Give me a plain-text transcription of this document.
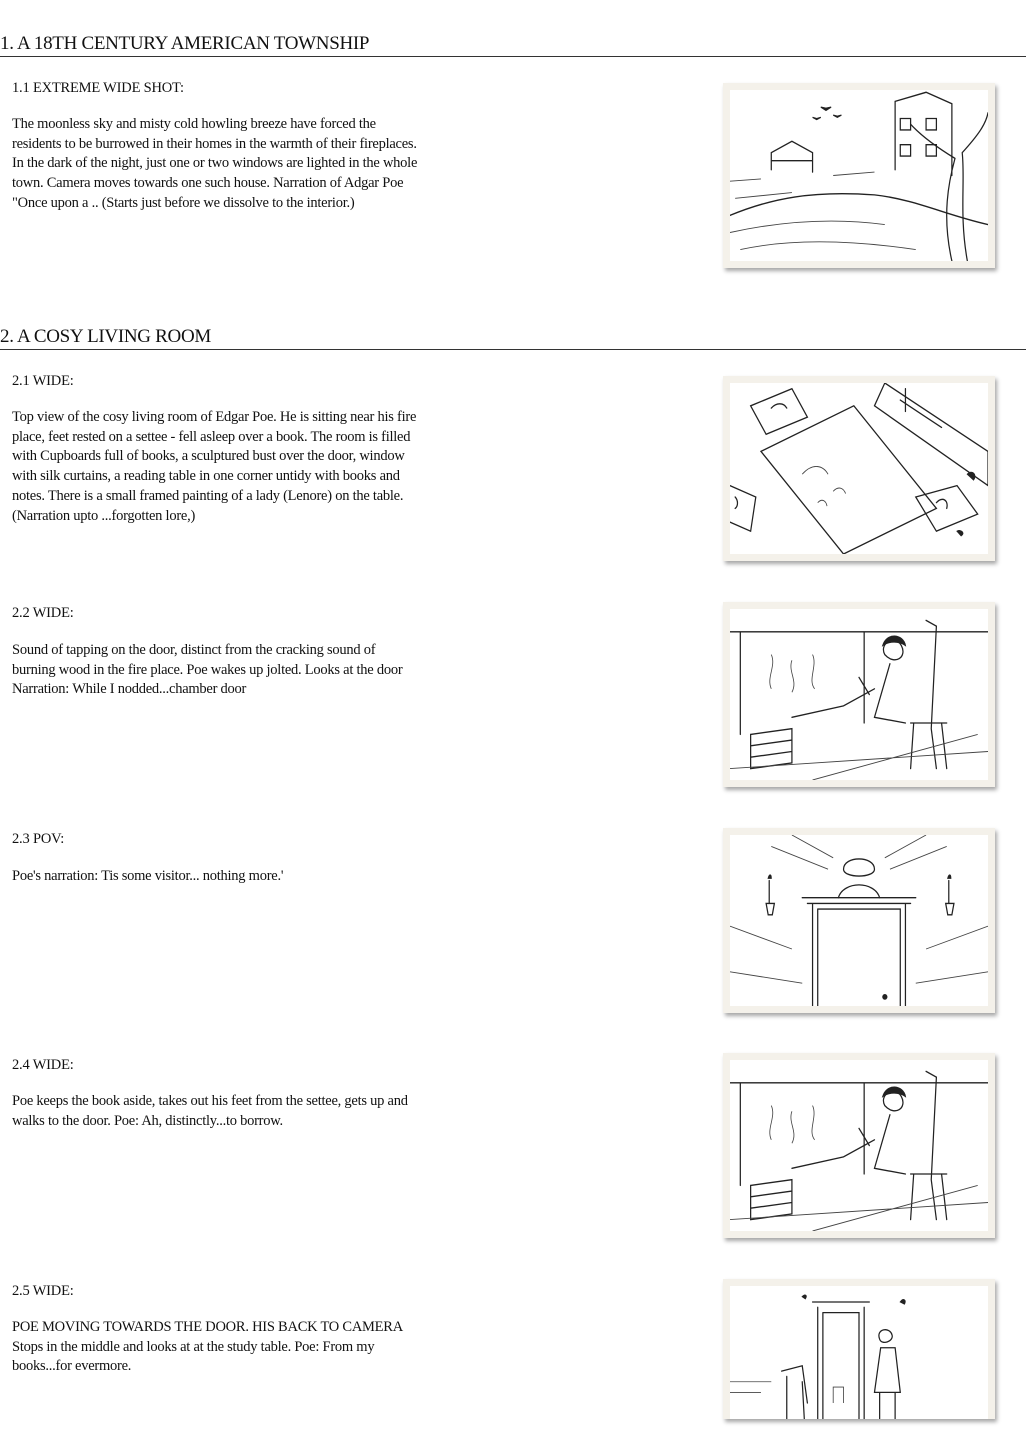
1. A 18TH CENTURY AMERICAN TOWNSHIP
1.1 EXTREME WIDE SHOT:
The moonless sky and misty cold howling breeze have forced the residents to be burrowed in their homes in the warmth of their fireplaces. In the dark of the night, just one or two windows are lighted in the whole town. Camera moves towards one such house. Narration of Adgar Poe "Once upon a .. (Starts just before we dissolve to the interior.)
2. A COSY LIVING ROOM
2.1 WIDE:
Top view of the cosy living room of Edgar Poe. He is sitting near his fire place, feet rested on a settee - fell asleep over a book. The room is filled with Cupboards full of books, a sculptured bust over the door, window with silk curtains, a reading table in one corner untidy with books and notes. There is a small framed painting of a lady (Lenore) on the table. (Narration upto ...forgotten lore,)
2.2 WIDE:
Sound of tapping on the door, distinct from the cracking sound of burning wood in the fire place. Poe wakes up jolted. Looks at the door Narration: While I nodded...chamber door
2.3 POV:
Poe's narration: Tis some visitor... nothing more.'
2.4 WIDE:
Poe keeps the book aside, takes out his feet from the settee, gets up and walks to the door. Poe: Ah, distinctly...to borrow.
2.5 WIDE:
POE MOVING TOWARDS THE DOOR. HIS BACK TO CAMERA Stops in the middle and looks at at the study table. Poe: From my books...for evermore.
